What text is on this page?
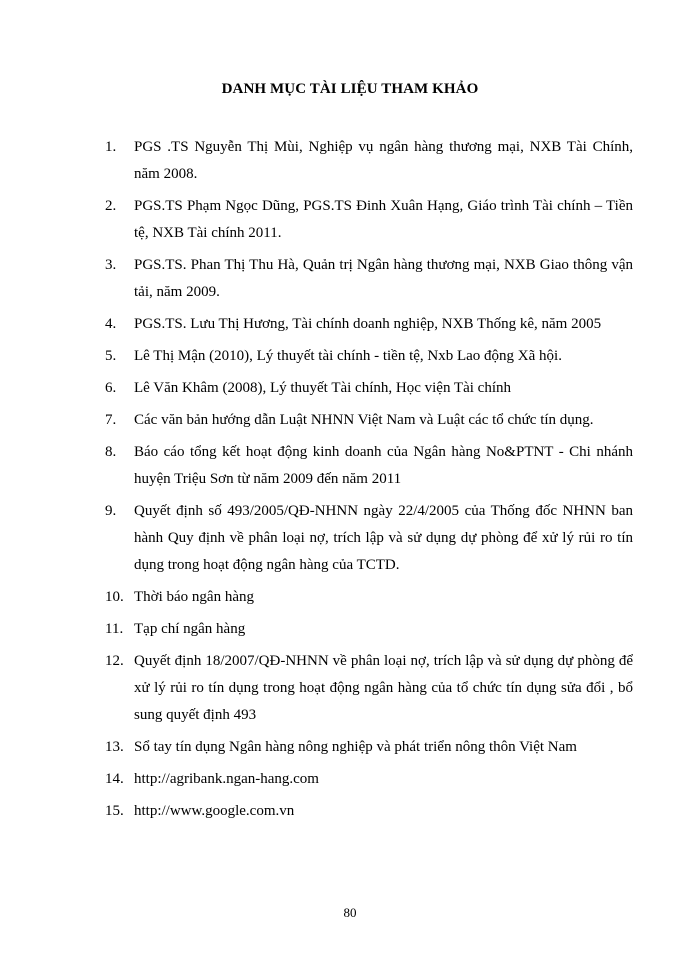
DANH MỤC TÀI LIỆU THAM KHẢO
1.	PGS .TS Nguyễn Thị Mùi, Nghiệp vụ ngân hàng thương mại, NXB Tài Chính, năm 2008.
2.	PGS.TS Phạm Ngọc Dũng, PGS.TS Đinh Xuân Hạng, Giáo trình Tài chính – Tiền tệ, NXB Tài chính 2011.
3.	PGS.TS. Phan Thị Thu Hà, Quản trị Ngân hàng thương mại, NXB Giao thông vận tải, năm 2009.
4.	PGS.TS. Lưu Thị Hương, Tài chính doanh nghiệp, NXB Thống kê, năm 2005
5.	Lê Thị Mận (2010), Lý thuyết tài chính - tiền tệ, Nxb Lao động Xã hội.
6.	Lê Văn Khâm (2008), Lý thuyết Tài chính, Học viện Tài chính
7.	Các văn bản hướng dẫn Luật NHNN Việt Nam và Luật các tổ chức tín dụng.
8.	Báo cáo tổng kết hoạt động kinh doanh của Ngân hàng No&PTNT - Chi nhánh huyện Triệu Sơn từ năm 2009 đến năm 2011
9.	Quyết định số 493/2005/QĐ-NHNN ngày 22/4/2005 của Thống đốc NHNN ban hành Quy định về phân loại nợ, trích lập và sử dụng dự phòng để xử lý rủi ro tín dụng trong hoạt động ngân hàng của TCTD.
10. Thời báo ngân hàng
11. Tạp chí ngân hàng
12. Quyết định 18/2007/QĐ-NHNN về phân loại nợ, trích lập và sử dụng dự phòng để xử lý rủi ro tín dụng trong hoạt động ngân hàng của tổ chức tín dụng sửa đổi , bổ sung quyết định 493
13. Sổ tay tín dụng Ngân hàng nông nghiệp và phát triển nông thôn Việt Nam
14. http://agribank.ngan-hang.com
15. http://www.google.com.vn
80
